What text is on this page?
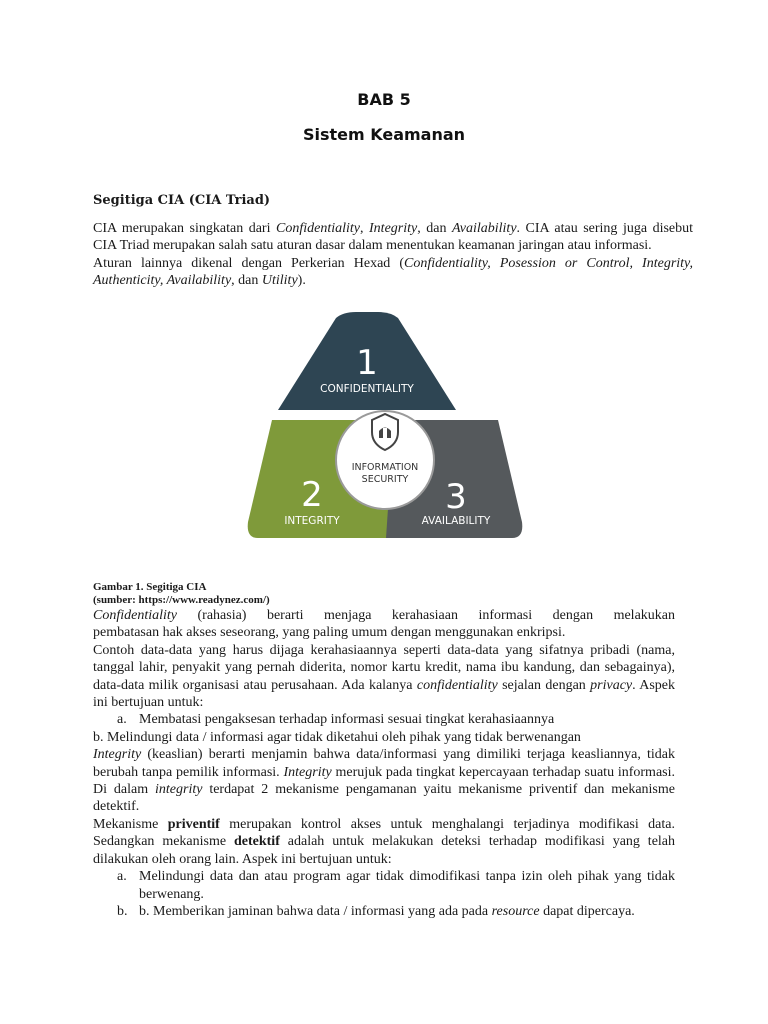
BAB 5
Sistem Keamanan
Segitiga CIA (CIA Triad)

CIA merupakan singkatan dari Confidentiality, Integrity, dan Availability. CIA atau sering juga disebut CIA Triad merupakan salah satu aturan dasar dalam menentukan keamanan jaringan atau informasi.

Aturan lainnya dikenal dengan Perkerian Hexad (Confidentiality, Posession or Control, Integrity, Authenticity, Availability, dan Utility).

INFORMATION
SECURITY
1
CONFIDENTIALITY
2
INTEGRITY
3
AVAILABILITY
Gambar 1. Segitiga CIA
(sumber: https://www.readynez.com/)

Confidentiality (rahasia) berarti menjaga kerahasiaan informasi dengan melakukan

pembatasan hak akses seseorang, yang paling umum dengan menggunakan enkripsi.

Contoh data-data yang harus dijaga kerahasiaannya seperti data-data yang sifatnya pribadi (nama, tanggal lahir, penyakit yang pernah diderita, nomor kartu kredit, nama ibu kandung, dan sebagainya), data-data milik organisasi atau perusahaan. Ada kalanya confidentiality sejalan dengan privacy. Aspek ini bertujuan untuk:

a. Membatasi pengaksesan terhadap informasi sesuai tingkat kerahasiaannya

b. Melindungi data / informasi agar tidak diketahui oleh pihak yang tidak berwenangan

Integrity (keaslian) berarti menjamin bahwa data/informasi yang dimiliki terjaga keasliannya, tidak berubah tanpa pemilik informasi. Integrity merujuk pada tingkat kepercayaan terhadap suatu informasi. Di dalam integrity terdapat 2 mekanisme pengamanan yaitu mekanisme priventif dan mekanisme detektif.

Mekanisme priventif merupakan kontrol akses untuk menghalangi terjadinya modifikasi data. Sedangkan mekanisme detektif adalah untuk melakukan deteksi terhadap modifikasi yang telah dilakukan oleh orang lain. Aspek ini bertujuan untuk:

a. Melindungi data dan atau program agar tidak dimodifikasi tanpa izin oleh pihak yang tidak berwenang.

b. b. Memberikan jaminan bahwa data / informasi yang ada pada resource dapat dipercaya.
